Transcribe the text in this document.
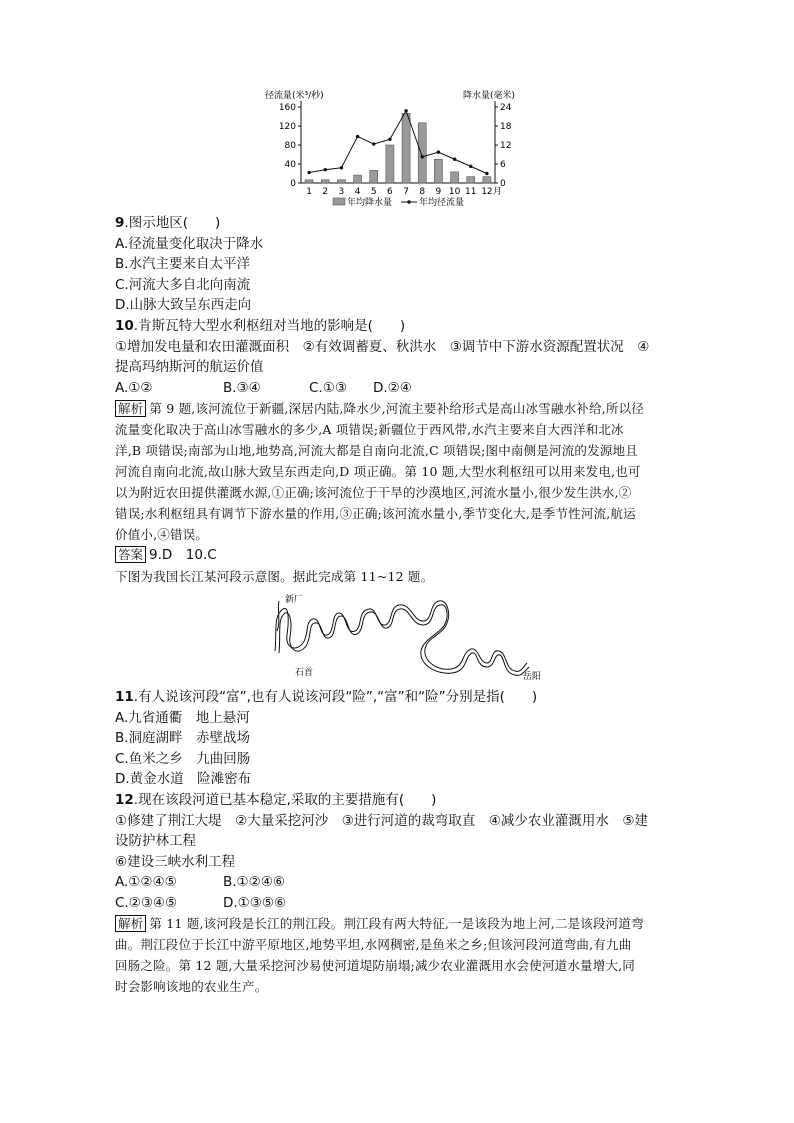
径流量(米³/秒)	降水量(毫米)
0
40
80
120
160
0
6
12
18
24
1 2 3 4 5 6 7 8 9 10 11 12 月
年均降水量	年均径流量
9.图示地区(　　)
A.径流量变化取决于降水
B.水汽主要来自太平洋
C.河流大多自北向南流
D.山脉大致呈东西走向
10.肯斯瓦特大型水利枢纽对当地的影响是(　　)
①增加发电量和农田灌溉面积　②有效调蓄夏、秋洪水　③调节中下游水资源配置状况　④
提高玛纳斯河的航运价值
A.①②	B.③④	C.①③ D.②④
解析 第 9 题,该河流位于新疆,深居内陆,降水少,河流主要补给形式是高山冰雪融水补给,所以径
流量变化取决于高山冰雪融水的多少,A 项错误;新疆位于西风带,水汽主要来自大西洋和北冰
洋,B 项错误;南部为山地,地势高,河流大都是自南向北流,C 项错误;图中南侧是河流的发源地且
河流自南向北流,故山脉大致呈东西走向,D 项正确。第 10 题,大型水利枢纽可以用来发电,也可
以为附近农田提供灌溉水源,①正确;该河流位于干旱的沙漠地区,河流水量小,很少发生洪水,②
错误;水利枢纽具有调节下游水量的作用,③正确;该河流水量小,季节变化大,是季节性河流,航运
价值小,④错误。
答案 9.D　10.C
下图为我国长江某河段示意图。据此完成第 11~12 题。
新厂
石首	岳阳
11.有人说该河段“富”,也有人说该河段“险”,“富”和“险”分别是指(　　)
A.九省通衢　地上悬河
B.洞庭湖畔　赤壁战场
C.鱼米之乡　九曲回肠
D.黄金水道　险滩密布
12.现在该段河道已基本稳定,采取的主要措施有(　　)
①修建了荆江大堤　②大量采挖河沙　③进行河道的裁弯取直　④减少农业灌溉用水　⑤建
设防护林工程
⑥建设三峡水利工程
A.①②④⑤	B.①②④⑥
C.②③④⑤	D.①③⑤⑥
解析 第 11 题,该河段是长江的荆江段。荆江段有两大特征,一是该段为地上河,二是该段河道弯
曲。荆江段位于长江中游平原地区,地势平坦,水网稠密,是鱼米之乡;但该河段河道弯曲,有九曲
回肠之险。第 12 题,大量采挖河沙易使河道堤防崩塌;减少农业灌溉用水会使河道水量增大,同
时会影响该地的农业生产。
